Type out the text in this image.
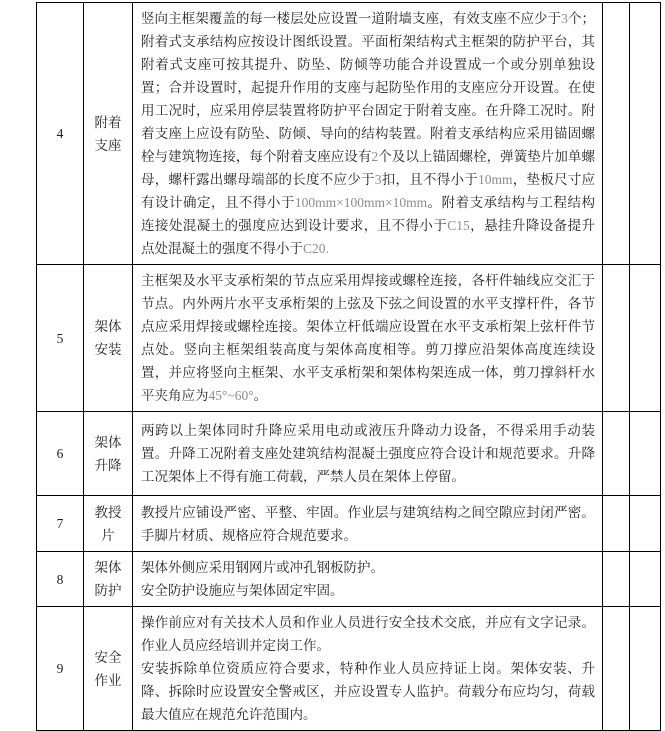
4	附着支座	竖向主框架覆盖的每一楼层处应设置一道附墙支座，有效支座不应少于3个；附着式支承结构应按设计图纸设置。平面桁架结构式主框架的防护平台，其附着式支座可按其提升、防坠、防倾等功能合并设置成一个或分别单独设置；合并设置时，起提升作用的支座与起防坠作用的支座应分开设置。在使用工况时，应采用停层装置将防护平台固定于附着支座。在升降工况时。附着支座上应设有防坠、防倾、导向的结构装置。附着支承结构应采用锚固螺栓与建筑物连接，每个附着支座应设有2个及以上锚固螺栓，弹簧垫片加单螺母，螺杆露出螺母端部的长度不应少于3扣，且不得小于10mm，垫板尺寸应有设计确定，且不得小于100mm×100mm×10mm。附着支承结构与工程结构连接处混凝土的强度应达到设计要求，且不得小于C15，悬挂升降设备提升点处混凝土的强度不得小于C20.		

5	架体安装	主框架及水平支承桁架的节点应采用焊接或螺栓连接，各杆件轴线应交汇于节点。内外两片水平支承桁架的上弦及下弦之间设置的水平支撑杆件，各节点应采用焊接或螺栓连接。架体立杆低端应设置在水平支承桁架上弦杆件节点处。竖向主框架组装高度与架体高度相等。剪刀撑应沿架体高度连续设置，并应将竖向主框架、水平支承桁架和架体构架连成一体，剪刀撑斜杆水平夹角应为45°~60°。		

6	架体升降	两跨以上架体同时升降应采用电动或液压升降动力设备，不得采用手动装置。升降工况附着支座处建筑结构混凝土强度应符合设计和规范要求。升降工况架体上不得有施工荷载，严禁人员在架体上停留。		

7	教授片	教授片应铺设严密、平整、牢固。作业层与建筑结构之间空隙应封闭严密。手脚片材质、规格应符合规范要求。		

8	架体防护	架体外侧应采用钢网片或冲孔钢板防护。
安全防护设施应与架体固定牢固。		

9	安全作业	操作前应对有关技术人员和作业人员进行安全技术交底，并应有文字记录。作业人员应经培训并定岗工作。
安装拆除单位资质应符合要求，特种作业人员应持证上岗。架体安装、升降、拆除时应设置安全警戒区，并应设置专人监护。荷载分布应均匀，荷载最大值应在规范允许范围内。		
